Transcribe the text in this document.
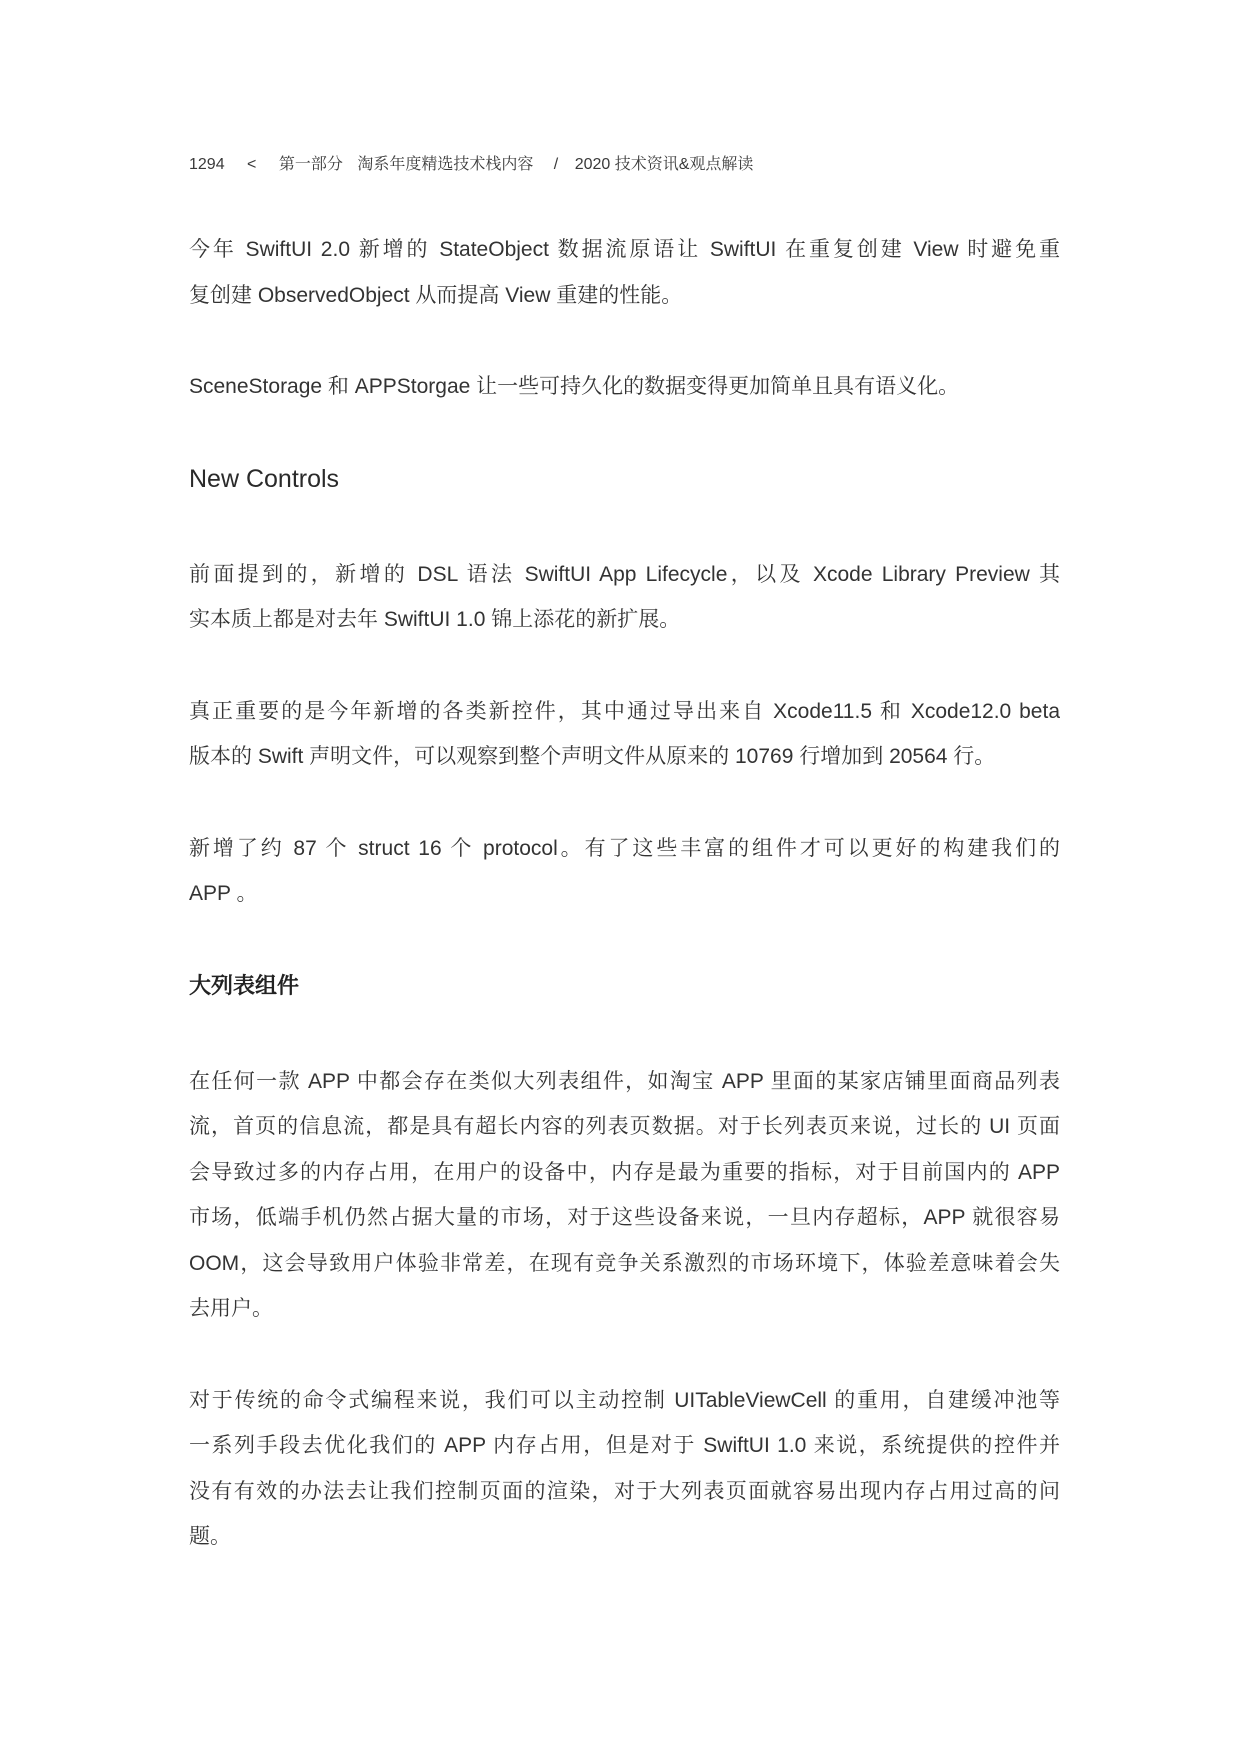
1294 < 第一部分 淘系年度精选技术栈内容 / 2020 技术资讯&观点解读
今年 SwiftUI 2.0 新增的 StateObject 数据流原语让 SwiftUI 在重复创建 View 时避免重
复创建 ObservedObject 从而提高 View 重建的性能。
SceneStorage 和 APPStorgae 让一些可持久化的数据变得更加简单且具有语义化。
New Controls
前面提到的，新增的 DSL 语法 SwiftUI App Lifecycle，以及 Xcode Library Preview 其
实本质上都是对去年 SwiftUI 1.0 锦上添花的新扩展。
真正重要的是今年新增的各类新控件，其中通过导出来自 Xcode11.5 和 Xcode12.0 beta
版本的 Swift 声明文件，可以观察到整个声明文件从原来的 10769 行增加到 20564 行。
新增了约 87 个 struct 16 个 protocol。有了这些丰富的组件才可以更好的构建我们的
APP 。
大列表组件
在任何一款 APP 中都会存在类似大列表组件，如淘宝 APP 里面的某家店铺里面商品列表
流，首页的信息流，都是具有超长内容的列表页数据。对于长列表页来说，过长的 UI 页面
会导致过多的内存占用，在用户的设备中，内存是最为重要的指标，对于目前国内的 APP
市场，低端手机仍然占据大量的市场，对于这些设备来说，一旦内存超标，APP 就很容易
OOM，这会导致用户体验非常差，在现有竞争关系激烈的市场环境下，体验差意味着会失
去用户。
对于传统的命令式编程来说，我们可以主动控制 UITableViewCell 的重用，自建缓冲池等
一系列手段去优化我们的 APP 内存占用，但是对于 SwiftUI 1.0 来说，系统提供的控件并
没有有效的办法去让我们控制页面的渲染，对于大列表页面就容易出现内存占用过高的问
题。
